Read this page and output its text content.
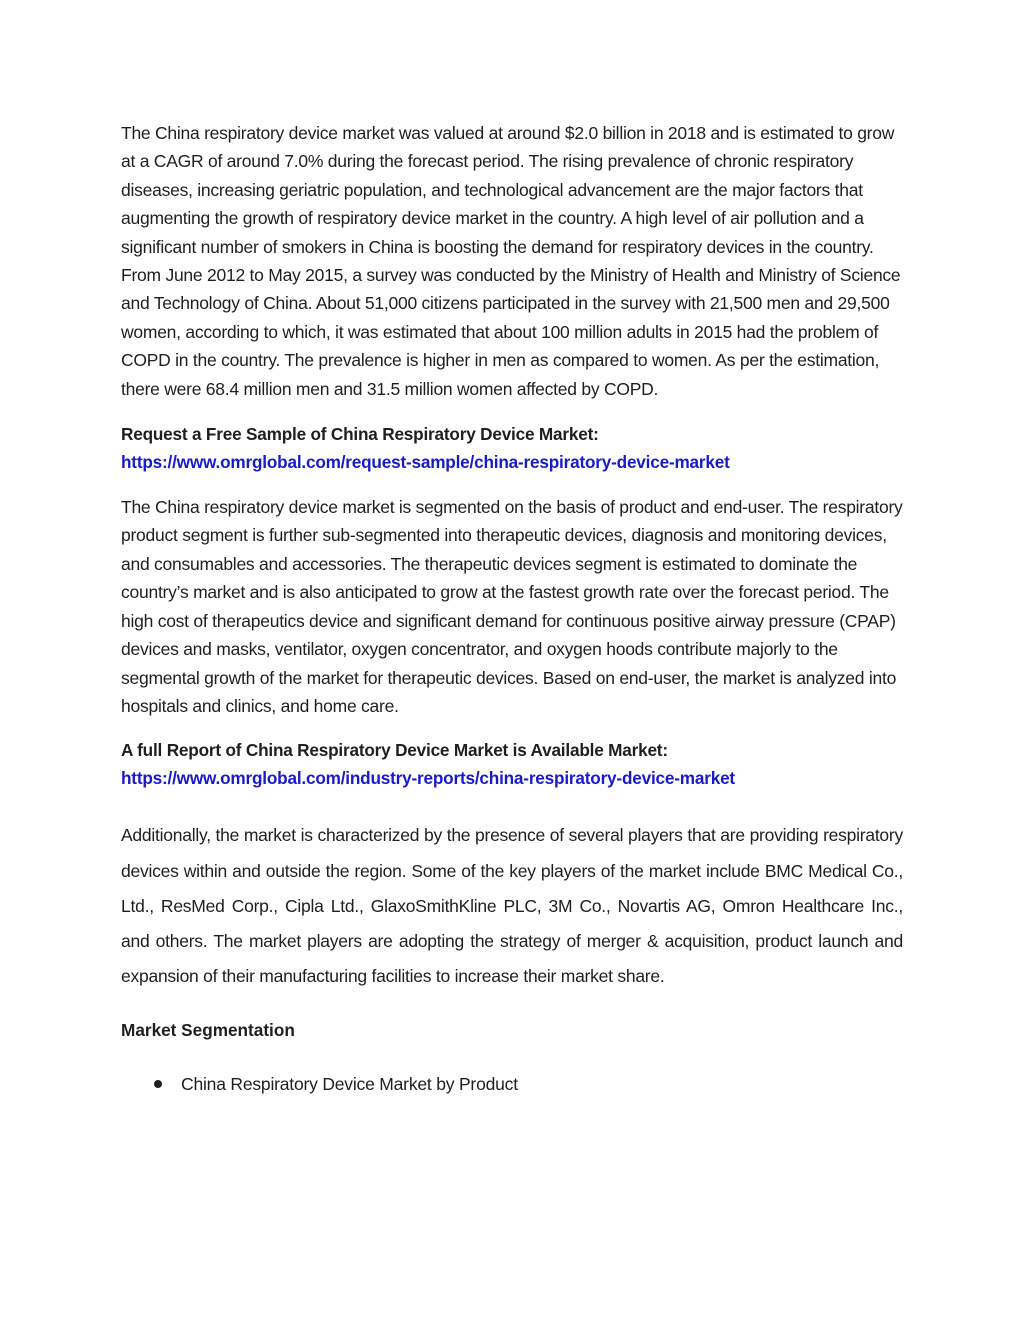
The China respiratory device market was valued at around $2.0 billion in 2018 and is estimated to grow at a CAGR of around 7.0% during the forecast period. The rising prevalence of chronic respiratory diseases, increasing geriatric population, and technological advancement are the major factors that augmenting the growth of respiratory device market in the country. A high level of air pollution and a significant number of smokers in China is boosting the demand for respiratory devices in the country. From June 2012 to May 2015, a survey was conducted by the Ministry of Health and Ministry of Science and Technology of China. About 51,000 citizens participated in the survey with 21,500 men and 29,500 women, according to which, it was estimated that about 100 million adults in 2015 had the problem of COPD in the country. The prevalence is higher in men as compared to women. As per the estimation, there were 68.4 million men and 31.5 million women affected by COPD.

Request a Free Sample of China Respiratory Device Market:

https://www.omrglobal.com/request-sample/china-respiratory-device-market

The China respiratory device market is segmented on the basis of product and end-user. The respiratory product segment is further sub-segmented into therapeutic devices, diagnosis and monitoring devices, and consumables and accessories. The therapeutic devices segment is estimated to dominate the country’s market and is also anticipated to grow at the fastest growth rate over the forecast period. The high cost of therapeutics device and significant demand for continuous positive airway pressure (CPAP) devices and masks, ventilator, oxygen concentrator, and oxygen hoods contribute majorly to the segmental growth of the market for therapeutic devices. Based on end-user, the market is analyzed into hospitals and clinics, and home care.

A full Report of China Respiratory Device Market is Available Market:

https://www.omrglobal.com/industry-reports/china-respiratory-device-market

Additionally, the market is characterized by the presence of several players that are providing respiratory devices within and outside the region. Some of the key players of the market include BMC Medical Co., Ltd., ResMed Corp., Cipla Ltd., GlaxoSmithKline PLC, 3M Co., Novartis AG, Omron Healthcare Inc., and others. The market players are adopting the strategy of merger & acquisition, product launch and expansion of their manufacturing facilities to increase their market share.

Market Segmentation
China Respiratory Device Market by Product
